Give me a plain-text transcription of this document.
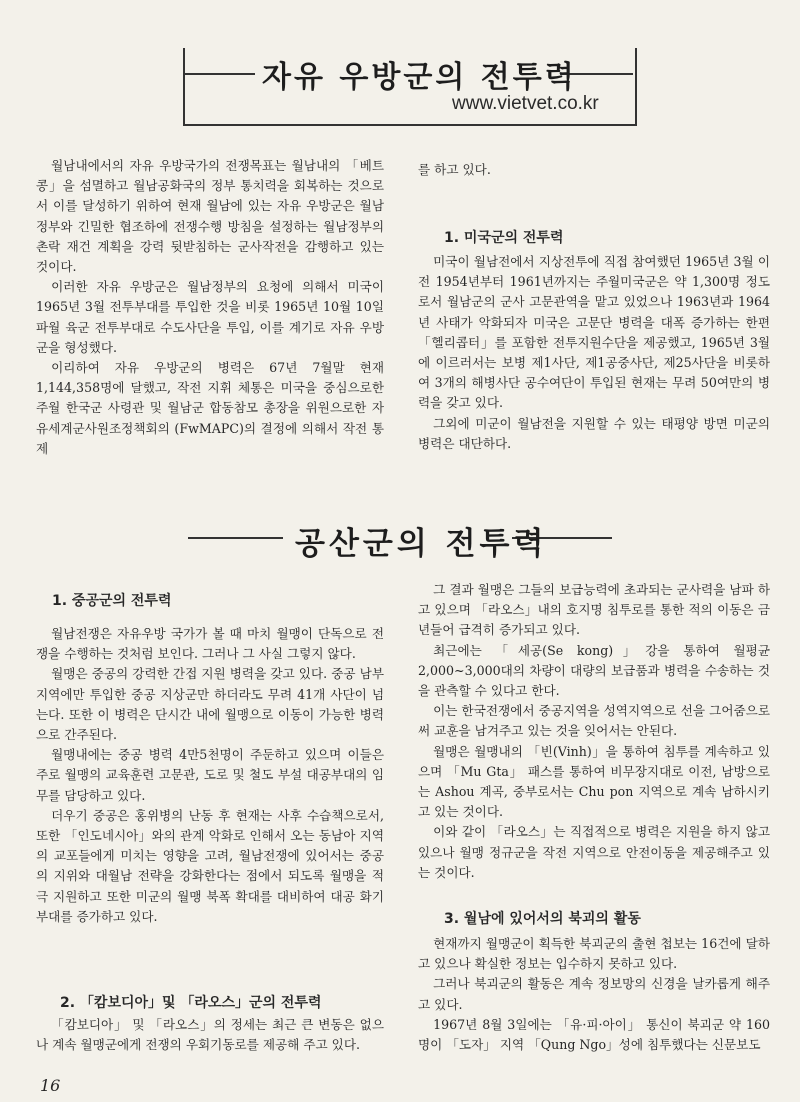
자유 우방군의 전투력
www.vietvet.co.kr

월남내에서의 자유 우방국가의 전쟁목표는 월남내의 「베트콩」을 섬멸하고 월남공화국의 정부 통치력을 회복하는 것으로서 이를 달성하기 위하여 현재 월남에 있는 자유 우방군은 월남정부와 긴밀한 협조하에 전쟁수행 방침을 설정하는 월남정부의 촌락 재건 계획을 강력 뒷받침하는 군사작전을 감행하고 있는 것이다.

이러한 자유 우방군은 월남정부의 요청에 의해서 미국이 1965년 3월 전투부대를 투입한 것을 비롯 1965년 10월 10일 파월 육군 전투부대로 수도사단을 투입, 이를 계기로 자유 우방군을 형성했다.

이리하여 자유 우방군의 병력은 67년 7월말 현재 1,144,358명에 달했고, 작전 지휘 체통은 미국을 중심으로한 주월 한국군 사령관 및 월남군 합동참모 총장을 위원으로한 자유세계군사원조정책회의 (FwMAPC)의 결정에 의해서 작전 통제

를 하고 있다.

1. 미국군의 전투력

미국이 월남전에서 지상전투에 직접 참여했던 1965년 3월 이전 1954년부터 1961년까지는 주월미국군은 약 1,300명 정도로서 월남군의 군사 고문관역을 맡고 있었으나 1963년과 1964년 사태가 악화되자 미국은 고문단 병력을 대폭 증가하는 한편 「헬리콥터」를 포함한 전투지원수단을 제공했고, 1965년 3월에 이르러서는 보병 제1사단, 제1공중사단, 제25사단을 비롯하여 3개의 해병사단 공수여단이 투입된 현재는 무려 50여만의 병력을 갖고 있다.

그외에 미군이 월남전을 지원할 수 있는 태평양 방면 미군의 병력은 대단하다.

공산군의 전투력
1. 중공군의 전투력

월남전쟁은 자유우방 국가가 볼 때 마치 월맹이 단독으로 전쟁을 수행하는 것처럼 보인다. 그러나 그 사실 그렇지 않다.

월맹은 중공의 강력한 간접 지원 병력을 갖고 있다. 중공 남부지역에만 투입한 중공 지상군만 하더라도 무려 41개 사단이 넘는다. 또한 이 병력은 단시간 내에 월맹으로 이동이 가능한 병력으로 간주된다.

월맹내에는 중공 병력 4만5천명이 주둔하고 있으며 이들은 주로 월맹의 교육훈련 고문관, 도로 및 철도 부설 대공부대의 임무를 담당하고 있다.

더우기 중공은 홍위병의 난동 후 현재는 사후 수습책으로서, 또한 「인도네시아」와의 관계 악화로 인해서 오는 동남아 지역의 교포들에게 미치는 영향을 고려, 월남전쟁에 있어서는 중공의 지위와 대월남 전략을 강화한다는 점에서 되도록 월맹을 적극 지원하고 또한 미군의 월맹 북폭 확대를 대비하여 대공 화기부대를 증가하고 있다.

2. 「캄보디아」및 「라오스」군의 전투력

「캄보디아」 및 「라오스」의 정세는 최근 큰 변동은 없으나 계속 월맹군에게 전쟁의 우회기동로를 제공해 주고 있다.

그 결과 월맹은 그들의 보급능력에 초과되는 군사력을 남파 하고 있으며 「라오스」내의 호지명 침투로를 통한 적의 이동은 금년들어 급격히 증가되고 있다.

최근에는 「세공(Se kong)」강을 통하여 월평균 2,000~3,000대의 차량이 대량의 보급품과 병력을 수송하는 것을 관측할 수 있다고 한다.

이는 한국전쟁에서 중공지역을 성역지역으로 선을 그어줌으로써 교훈을 남겨주고 있는 것을 잊어서는 안된다.

월맹은 월맹내의 「빈(Vinh)」을 통하여 침투를 계속하고 있으며 「Mu Gta」 패스를 통하여 비무장지대로 이전, 남방으로는 Ashou 계곡, 중부로서는 Chu pon 지역으로 계속 남하시키고 있는 것이다.

이와 같이 「라오스」는 직접적으로 병력은 지원을 하지 않고 있으나 월맹 정규군을 작전 지역으로 안전이동을 제공해주고 있는 것이다.

3. 월남에 있어서의 북괴의 활동

현재까지 월맹군이 획득한 북괴군의 출현 첩보는 16건에 달하고 있으나 확실한 정보는 입수하지 못하고 있다.

그러나 북괴군의 활동은 계속 정보망의 신경을 날카롭게 해주고 있다.

1967년 8월 3일에는 「유·피·아이」 통신이 북괴군 약 160명이 「도자」 지역 「Qung Ngo」성에 침투했다는 신문보도

16
